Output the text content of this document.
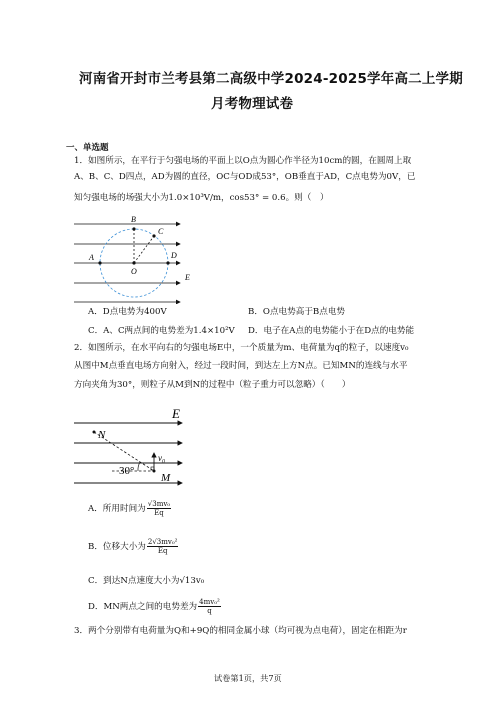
河南省开封市兰考县第二高级中学2024-2025学年高二上学期
月考物理试卷
一、单选题
1．如图所示，在平行于匀强电场的平面上以O点为圆心作半径为10cm的圆，在圆周上取
A、B、C、D四点，AD为圆的直径，OC与OD成53°，OB垂直于AD，C点电势为0V，已
知匀强电场的场强大小为1.0×10³V/m，cos53° = 0.6。则（　）
B
C
A	D
O
E
A．D点电势为400V	B．O点电势高于B点电势
C．A、C两点间的电势差为1.4×10²V D．电子在A点的电势能小于在D点的电势能
2．如图所示，在水平向右的匀强电场E中，一个质量为m、电荷量为q的粒子，以速度v₀
从图中M点垂直电场方向射入，经过一段时间，到达左上方N点。已知MN的连线与水平
方向夹角为30°，则粒子从M到N的过程中（粒子重力可以忽略）（　　）
E
N
v₀
30°
M
A．所用时间为 $\frac{\text{√3mv₀}}{Eq}$
B．位移大小为 $\frac{\text{2√3mv₀²}}{Eq}$
C．到达N点速度大小为√13v₀
D．MN两点之间的电势差为 $\frac{\text{4mv₀²}}{q}$
3．两个分别带有电荷量为Q和+9Q的相同金属小球（均可视为点电荷），固定在相距为r
试卷第1页，共7页
